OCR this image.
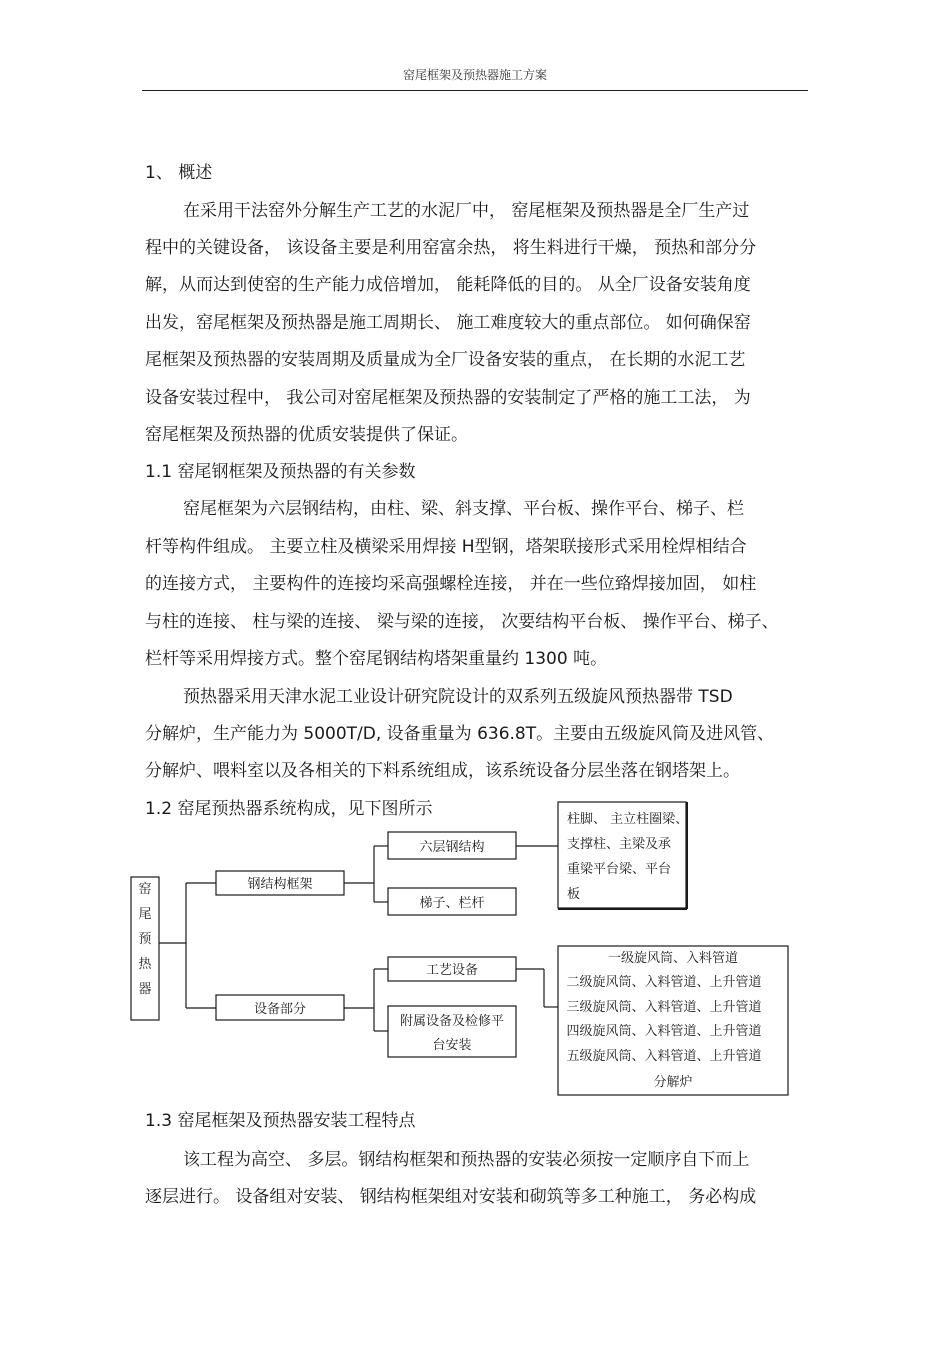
窑尾框架及预热器施工方案
1、 概述
在采用干法窑外分解生产工艺的水泥厂中， 窑尾框架及预热器是全厂生产过
程中的关键设备， 该设备主要是利用窑富余热， 将生料进行干燥， 预热和部分分
解，从而达到使窑的生产能力成倍增加， 能耗降低的目的。 从全厂设备安装角度
出发，窑尾框架及预热器是施工周期长、 施工难度较大的重点部位。 如何确保窑
尾框架及预热器的安装周期及质量成为全厂设备安装的重点， 在长期的水泥工艺
设备安装过程中， 我公司对窑尾框架及预热器的安装制定了严格的施工工法， 为
窑尾框架及预热器的优质安装提供了保证。
1.1 窑尾钢框架及预热器的有关参数
窑尾框架为六层钢结构，由柱、梁、斜支撑、平台板、操作平台、梯子、栏
杆等构件组成。 主要立柱及横梁采用焊接 H型钢，塔架联接形式采用栓焊相结合
的连接方式， 主要构件的连接均采高强螺栓连接， 并在一些位臵焊接加固， 如柱
与柱的连接、 柱与梁的连接、 梁与梁的连接， 次要结构平台板、 操作平台、梯子、
栏杆等采用焊接方式。整个窑尾钢结构塔架重量约 1300 吨。
预热器采用天津水泥工业设计研究院设计的双系列五级旋风预热器带 TSD
分解炉，生产能力为 5000T/D, 设备重量为 636.8T。主要由五级旋风筒及进风管、
分解炉、喂料室以及各相关的下料系统组成，该系统设备分层坐落在钢塔架上。
1.2 窑尾预热器系统构成，见下图所示
窑
尾
预
热
器
钢结构框架
六层钢结构
梯子、栏杆
柱脚、 主立柱圈梁、
支撑柱、主梁及承
重梁平台梁、平台
板
设备部分
工艺设备
附属设备及检修平
台安装
一级旋风筒、入料管道
二级旋风筒、入料管道、上升管道
三级旋风筒、入料管道、上升管道
四级旋风筒、入料管道、上升管道
五级旋风筒、入料管道、上升管道
分解炉
1.3 窑尾框架及预热器安装工程特点
该工程为高空、 多层。钢结构框架和预热器的安装必须按一定顺序自下而上
逐层进行。 设备组对安装、 钢结构框架组对安装和砌筑等多工种施工， 务必构成
